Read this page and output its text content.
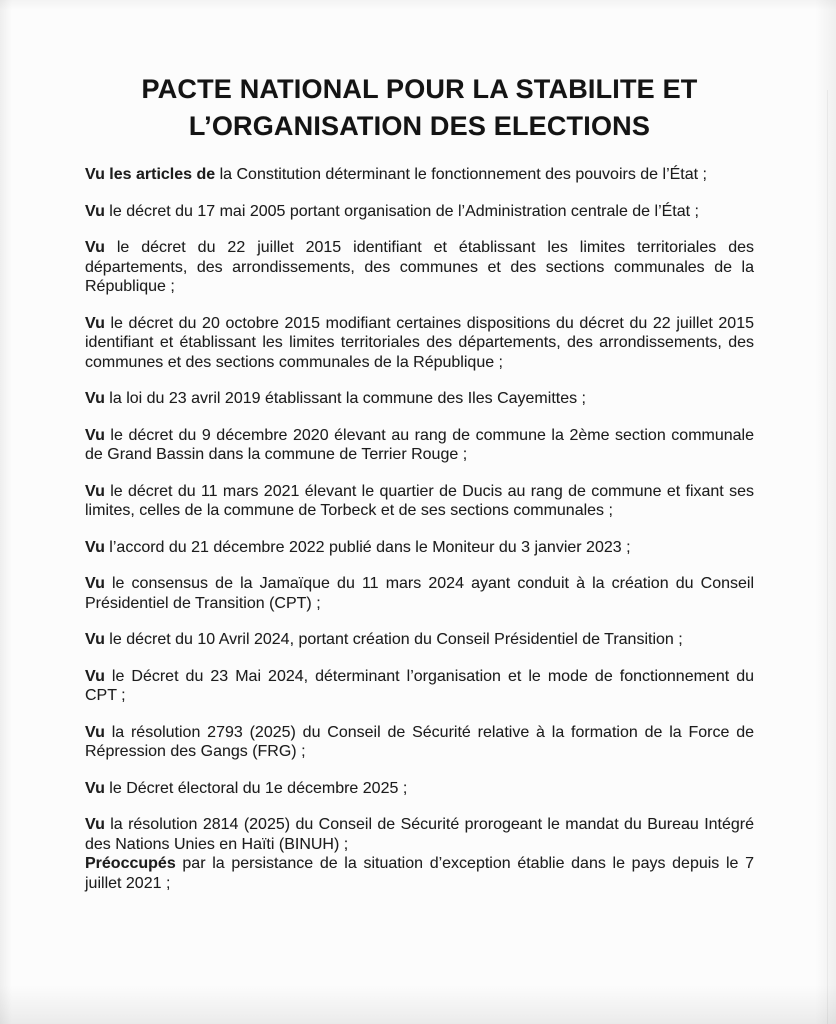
PACTE NATIONAL POUR LA STABILITE ET
L’ORGANISATION DES ELECTIONS

Vu les articles de la Constitution déterminant le fonctionnement des pouvoirs de l’État ;

Vu le décret du 17 mai 2005 portant organisation de l’Administration centrale de l’État ;

Vu le décret du 22 juillet 2015 identifiant et établissant les limites territoriales des départements, des arrondissements, des communes et des sections communales de la République ;

Vu le décret du 20 octobre 2015 modifiant certaines dispositions du décret du 22 juillet 2015 identifiant et établissant les limites territoriales des départements, des arrondissements, des communes et des sections communales de la République ;

Vu la loi du 23 avril 2019 établissant la commune des Iles Cayemittes ;

Vu le décret du 9 décembre 2020 élevant au rang de commune la 2ème section communale de Grand Bassin dans la commune de Terrier Rouge ;

Vu le décret du 11 mars 2021 élevant le quartier de Ducis au rang de commune et fixant ses limites, celles de la commune de Torbeck et de ses sections communales ;

Vu l’accord du 21 décembre 2022 publié dans le Moniteur du 3 janvier 2023 ;

Vu le consensus de la Jamaïque du 11 mars 2024 ayant conduit à la création du Conseil Présidentiel de Transition (CPT) ;

Vu le décret du 10 Avril 2024, portant création du Conseil Présidentiel de Transition ;

Vu le Décret du 23 Mai 2024, déterminant l’organisation et le mode de fonctionnement du CPT ;

Vu la résolution 2793 (2025) du Conseil de Sécurité relative à la formation de la Force de Répression des Gangs (FRG) ;

Vu le Décret électoral du 1e décembre 2025 ;

Vu la résolution 2814 (2025) du Conseil de Sécurité prorogeant le mandat du Bureau Intégré des Nations Unies en Haïti (BINUH) ;

Préoccupés par la persistance de la situation d’exception établie dans le pays depuis le 7 juillet 2021 ;
